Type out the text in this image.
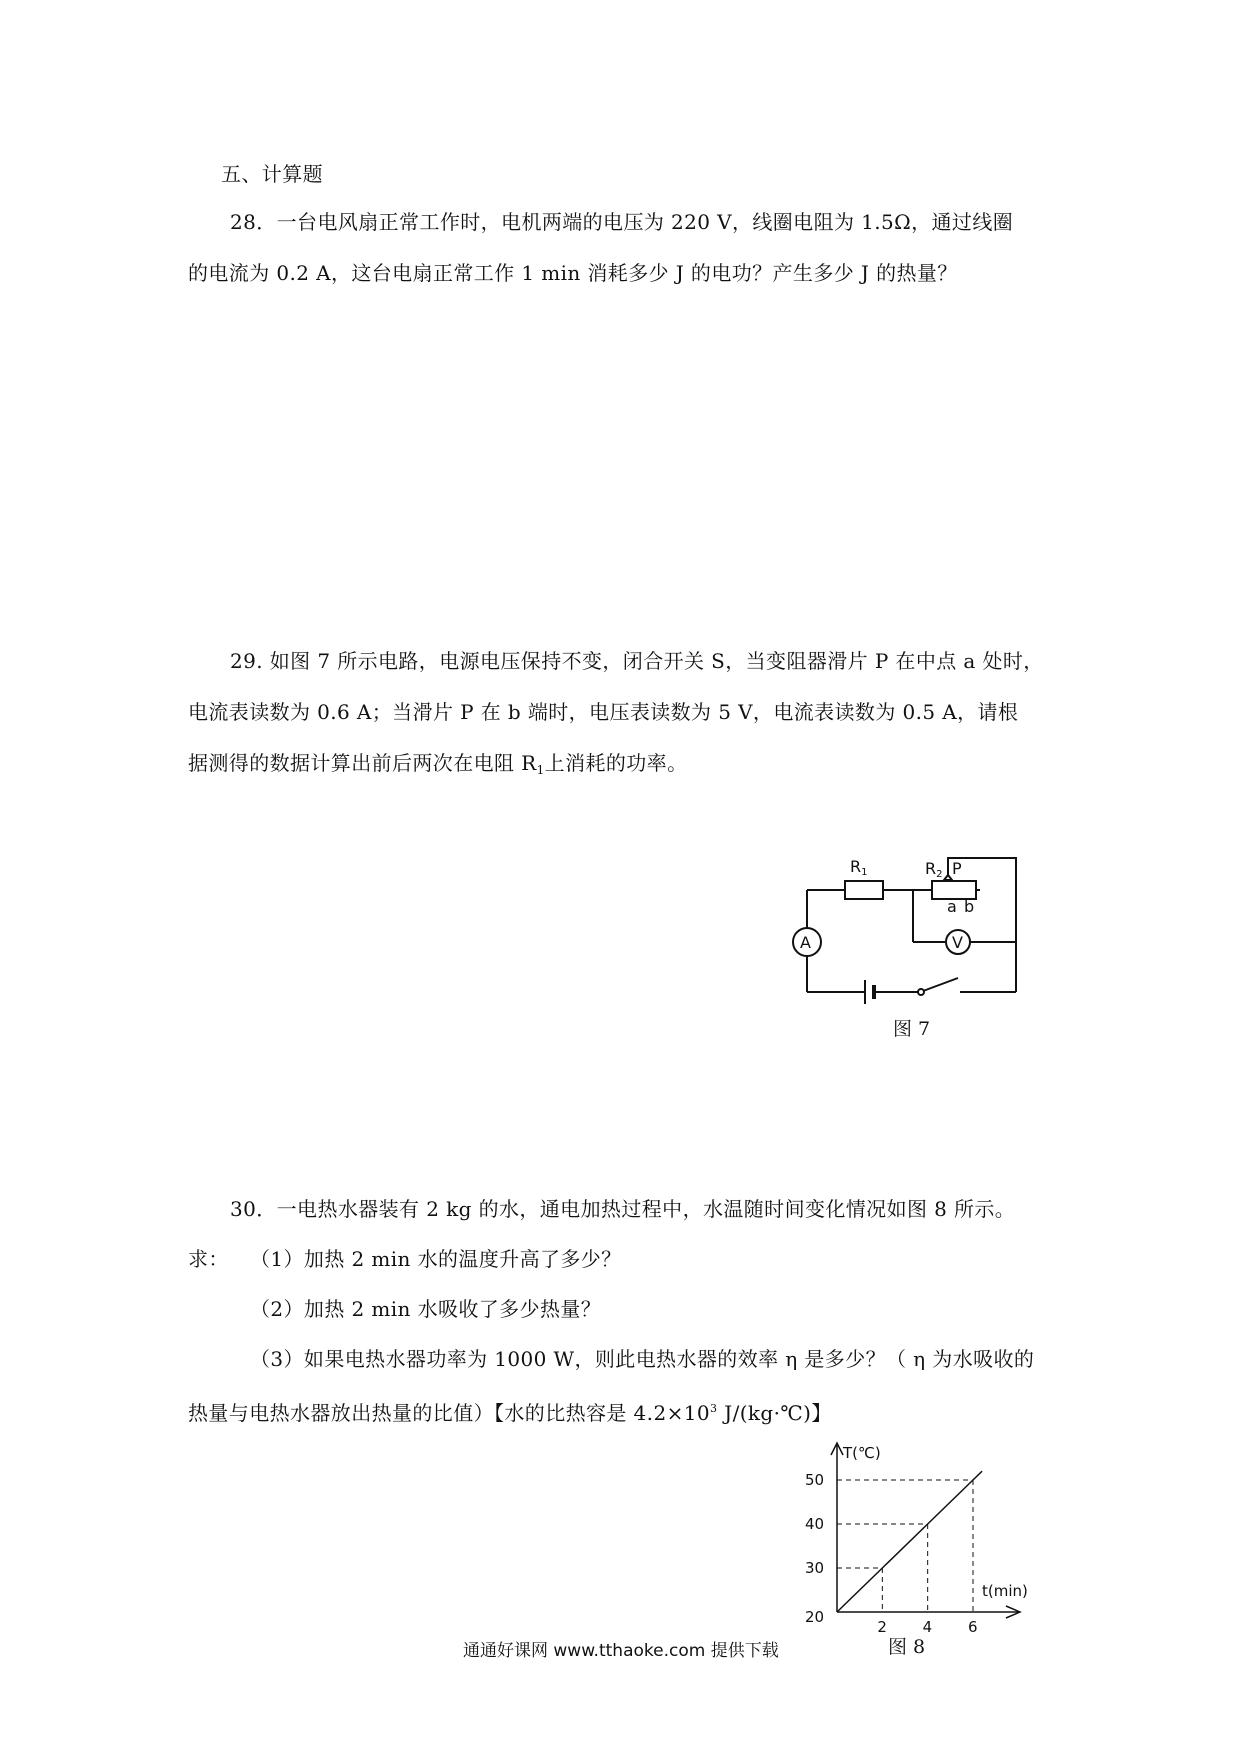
五、计算题
28．一台电风扇正常工作时，电机两端的电压为 220 V，线圈电阻为 1.5Ω，通过线圈
的电流为 0.2 A，这台电扇正常工作 1 min 消耗多少 J 的电功？产生多少 J 的热量？
29. 如图 7 所示电路，电源电压保持不变，闭合开关 S，当变阻器滑片 P 在中点 a 处时，
电流表读数为 0.6 A；当滑片 P 在 b 端时，电压表读数为 5 V，电流表读数为 0.5 A，请根
据测得的数据计算出前后两次在电阻 $R_1$上消耗的功率。
R1	R2 P
a b
A	V
图 7
30．一电热水器装有 2 kg 的水，通电加热过程中，水温随时间变化情况如图 8 所示。
求： （1）加热 2 min 水的温度升高了多少？
（2）加热 2 min 水吸收了多少热量？
（3）如果电热水器功率为 1000 W，则此电热水器的效率 η 是多少？（ η 为水吸收的
热量与电热水器放出热量的比值）【水的比热容是 $4.2\times 10^3$ J/(kg·℃)】
T(℃)
t(min)
20
30
40
50
2 4 6
图 8
通通好课网 www.tthaoke.com 提供下载
